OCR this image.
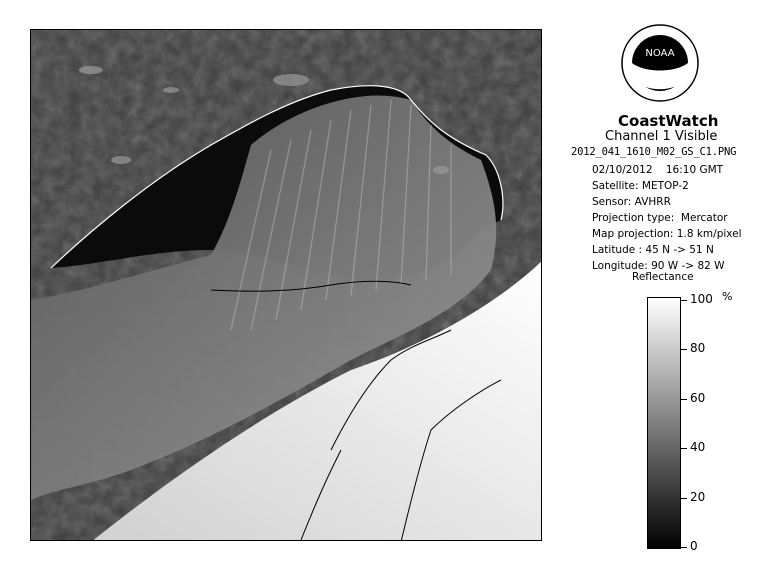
NOAA
CoastWatch
Channel 1 Visible
2012_041_1610_M02_GS_C1.PNG
02/10/2012    16:10 GMT
Satellite: METOP-2
Sensor: AVHRR
Projection type:  Mercator
Map projection: 1.8 km/pixel
Latitude : 45 N -> 51 N
Longitude: 90 W -> 82 W
Reflectance
%
100
80
60
40
20
0
